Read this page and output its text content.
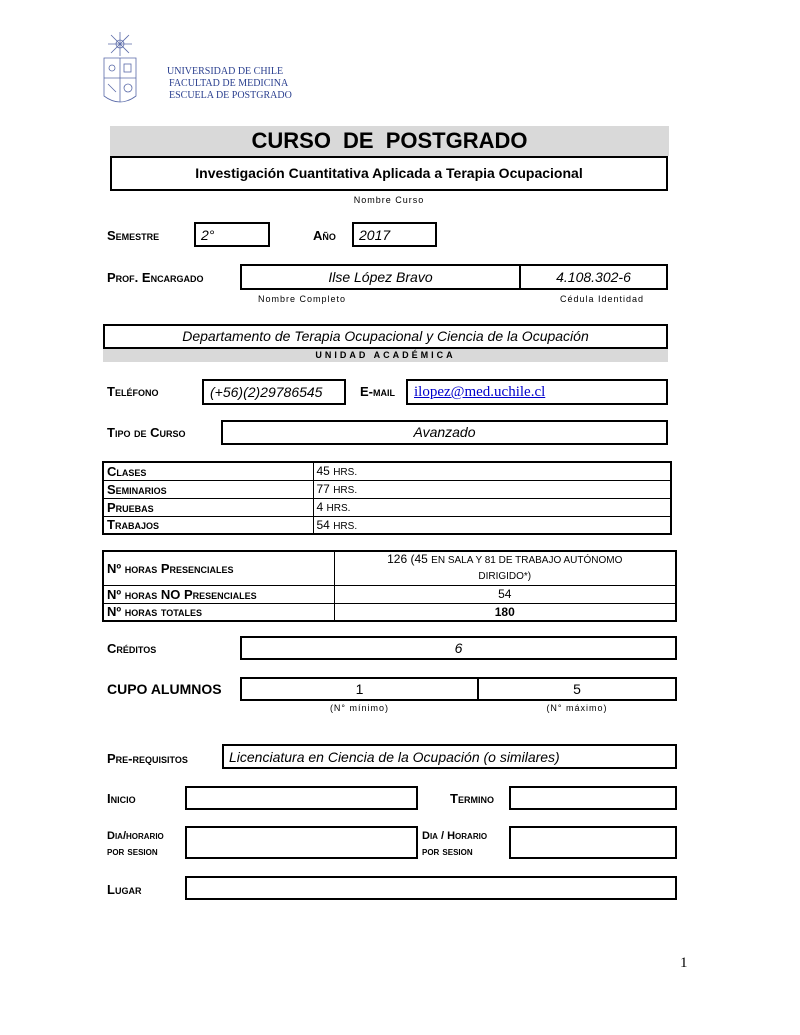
UNIVERSIDAD DE CHILE
FACULTAD DE MEDICINA
ESCUELA DE POSTGRADO
CURSO DE POSTGRADO
Investigación Cuantitativa Aplicada a Terapia Ocupacional
Nombre Curso
Semestre	2°	Año 2017
Prof. Encargado	Ilse López Bravo	4.108.302-6
Nombre Completo	Cédula Identidad
Departamento de Terapia Ocupacional y Ciencia de la Ocupación
UNIDAD ACADÉMICA
Teléfono	(+56)(2)29786545	E-mail ilopez@med.uchile.cl
Tipo de Curso	Avanzado
Clases	45 HRS.
Seminarios	77 HRS.
Pruebas	4 HRS.
Trabajos	54 HRS.
Nº horas Presenciales	126 (45 EN SALA Y 81 DE TRABAJO AUTÓNOMO
DIRIGIDO*)
Nº horas NO Presenciales	54
Nº horas totales	180
Créditos	6
CUPO ALUMNOS	1	5
(N° mínimo)	(N° máximo)
Pre-requisitos	Licenciatura en Ciencia de la Ocupación (o similares)
Inicio	Termino
Dia/horario
por sesion
Dia / Horario
por sesion
Lugar
1
